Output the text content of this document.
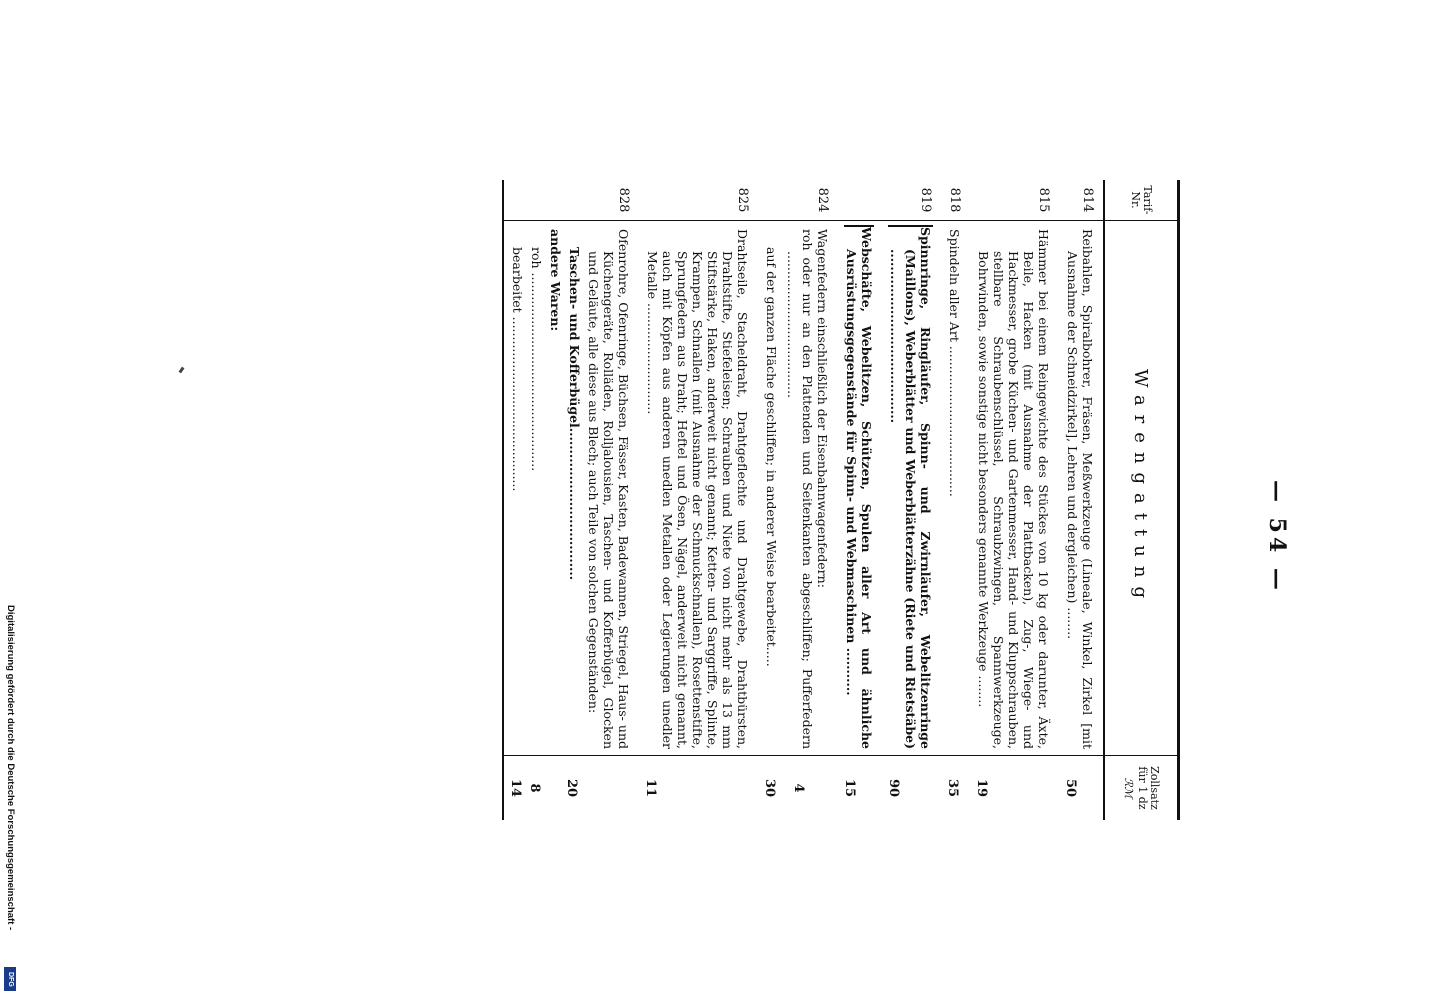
— 54 —
Tarif-
Nr.
Warengattung
Zollsatz
für 1 dz
ℛℳ
814
Reibahlen, Spiralbohrer, Fräsen, Meßwerkzeuge (Lineale, Winkel, Zirkel [mit Ausnahme der Schneidzirkel], Lehren und dergleichen) ........
50
815
Hämmer bei einem Reingewichte des Stückes von 10 kg oder darunter, Äxte, Beile, Hacken (mit Ausnahme der Plattbacken), Zug-, Wiege- und Hackmesser, grobe Küchen- und Gartenmesser, Hand- und Kluppschrauben, stellbare Schraubenschlüssel, Schraubzwingen, Spannwerkzeuge, Bohrwinden, sowie sonstige nicht besonders genannte Werkzeuge ........
19
818
Spindeln aller Art ......................................
35
819
Spinnringe, Ringläufer, Spinn- und Zwirnläufer, Webelitzenringe (Maillons), Weberblätter und Weberblätterzähne (Riete und Rietstäbe) ........................................
90
Webschäfte, Webelitzen, Schützen, Spulen aller Art und ähnliche Ausrüstungsgegenstände für Spinn- und Webmaschinen ...........
15
824
Wagenfedern einschließlich der Eisenbahnwagenfedern:
roh oder nur an den Plattenden und Seitenkanten abgeschliffen; Pufferfedern .....................................
auf der ganzen Fläche geschliffen; in anderer Weise bearbeitet.....
4
30
825
Drahtseile, Stacheldraht, Drahtgeflechte und Drahtgewebe, Drahtbürsten, Drahtstifte, Stiefeleisen; Schrauben und Niete von nicht mehr als 13 mm Stiftstärke, Haken, anderweit nicht genannt; Ketten- und Sarggriffe, Splinte, Krampen, Schnallen (mit Ausnahme der Schmuckschnallen), Rosettenstifte, Sprungfedern aus Draht; Heftel und Ösen, Nägel, anderweit nicht genannt, auch mit Köpfen aus anderen unedlen Metallen oder Legierungen unedler Metalle ............................
11
828
Ofenrohre, Ofenringe, Büchsen, Fässer, Kasten, Badewannen, Striegel, Haus- und Küchengeräte, Rolläden, Rolljalousien, Taschen- und Kofferbügel, Glocken und Geläute, alle diese aus Blech; auch Teile von solchen Gegenständen:
Taschen- und Kofferbügel...................................
andere Waren:
roh ..................................................
bearbeitet ............................................
20
8
14
Digitalisierung gefördert durch die Deutsche Forschungsgemeinschaft -
DFG
